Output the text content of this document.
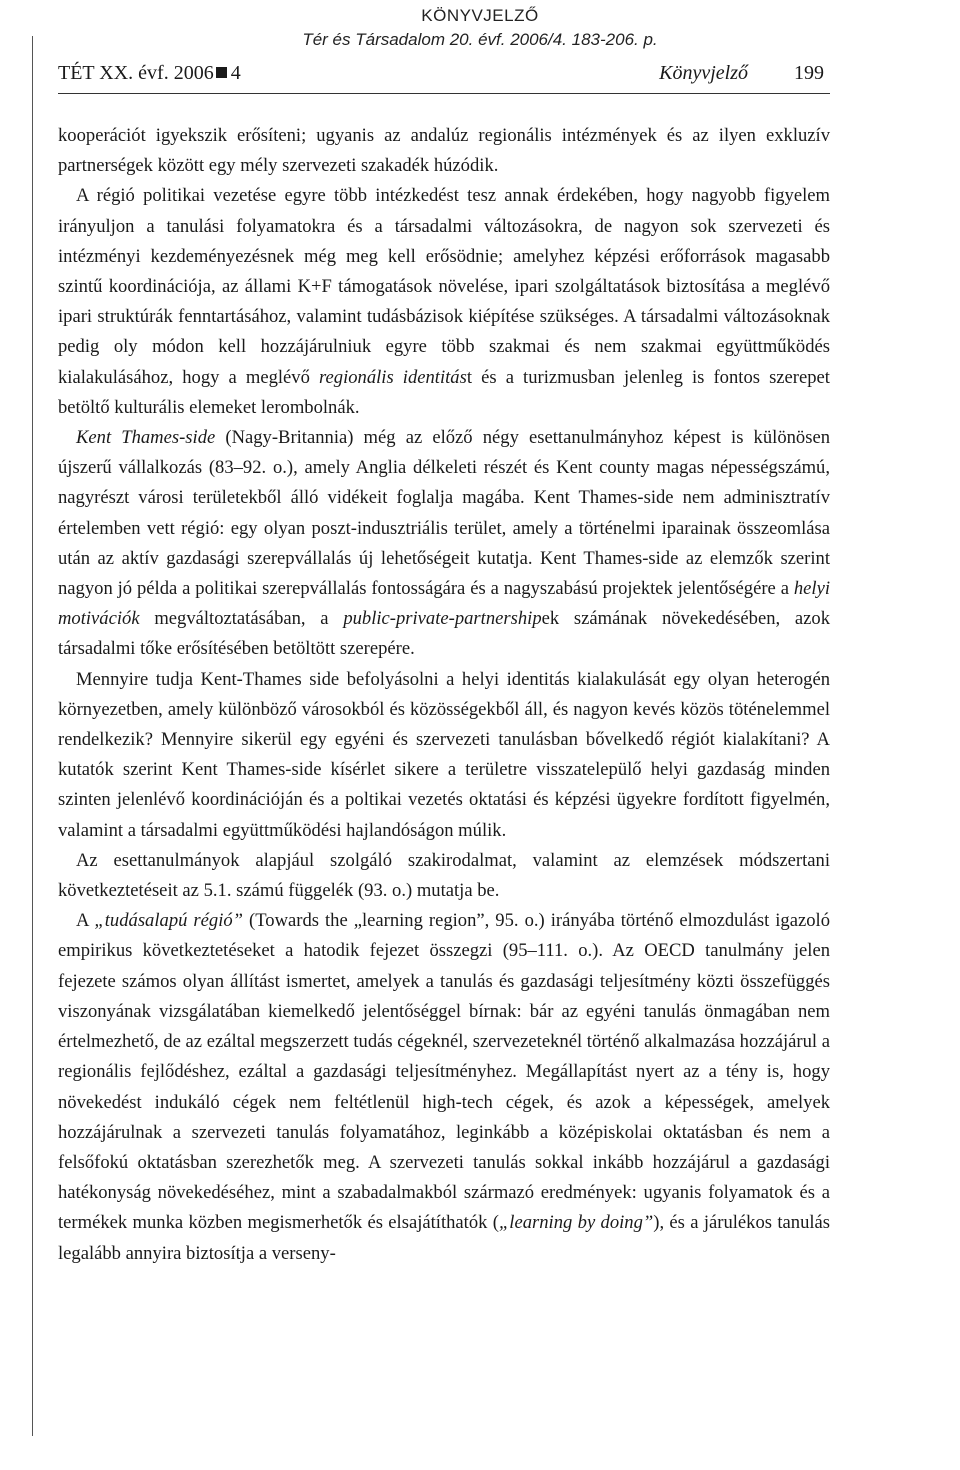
KÖNYVJELZŐ
Tér és Társadalom 20. évf. 2006/4. 183-206. p.
TÉT XX. évf. 2006 4	Könyvjelző 199

kooperációt igyekszik erősíteni; ugyanis az andalúz regionális intézmények és az ilyen exkluzív partnerségek között egy mély szervezeti szakadék húzódik.

A régió politikai vezetése egyre több intézkedést tesz annak érdekében, hogy nagyobb figyelem irányuljon a tanulási folyamatokra és a társadalmi változásokra, de nagyon sok szervezeti és intézményi kezdeményezésnek még meg kell erősödnie; amelyhez képzési erőforrások magasabb szintű koordinációja, az állami K+F támogatások növelése, ipari szolgáltatások biztosítása a meglévő ipari struktúrák fenntartásához, valamint tudásbázisok kiépítése szükséges. A társadalmi változásoknak pedig oly módon kell hozzájárulniuk egyre több szakmai és nem szakmai együttműködés kialakulásához, hogy a meglévő regionális identitást és a turizmusban jelenleg is fontos szerepet betöltő kulturális elemeket lerombolnák.

Kent Thames-side (Nagy-Britannia) még az előző négy esettanulmányhoz képest is különösen újszerű vállalkozás (83–92. o.), amely Anglia délkeleti részét és Kent county magas népességszámú, nagyrészt városi területekből álló vidékeit foglalja magába. Kent Thames-side nem adminisztratív értelemben vett régió: egy olyan poszt-indusztriális terület, amely a történelmi iparainak összeomlása után az aktív gazdasági szerepvállalás új lehetőségeit kutatja. Kent Thames-side az elemzők szerint nagyon jó példa a politikai szerepvállalás fontosságára és a nagyszabású projektek jelentőségére a helyi motivációk megváltoztatásában, a public-private-partnershipek számának növekedésében, azok társadalmi tőke erősítésében betöltött szerepére.

Mennyire tudja Kent-Thames side befolyásolni a helyi identitás kialakulását egy olyan heterogén környezetben, amely különböző városokból és közösségekből áll, és nagyon kevés közös töténelemmel rendelkezik? Mennyire sikerül egy egyéni és szervezeti tanulásban bővelkedő régiót kialakítani? A kutatók szerint Kent Thames-side kísérlet sikere a területre visszatelepülő helyi gazdaság minden szinten jelenlévő koordinációján és a poltikai vezetés oktatási és képzési ügyekre fordított figyelmén, valamint a társadalmi együttműködési hajlandóságon múlik.

Az esettanulmányok alapjául szolgáló szakirodalmat, valamint az elemzések módszertani következtetéseit az 5.1. számú függelék (93. o.) mutatja be.

A „tudásalapú régió” (Towards the „learning region”, 95. o.) irányába történő elmozdulást igazoló empirikus következtetéseket a hatodik fejezet összegzi (95–111. o.). Az OECD tanulmány jelen fejezete számos olyan állítást ismertet, amelyek a tanulás és gazdasági teljesítmény közti összefüggés viszonyának vizsgálatában kiemelkedő jelentőséggel bírnak: bár az egyéni tanulás önmagában nem értelmezhető, de az ezáltal megszerzett tudás cégeknél, szervezeteknél történő alkalmazása hozzájárul a regionális fejlődéshez, ezáltal a gazdasági teljesítményhez. Megállapítást nyert az a tény is, hogy növekedést indukáló cégek nem feltétlenül high-tech cégek, és azok a képességek, amelyek hozzájárulnak a szervezeti tanulás folyamatához, leginkább a középiskolai oktatásban és nem a felsőfokú oktatásban szerezhetők meg. A szervezeti tanulás sokkal inkább hozzájárul a gazdasági hatékonyság növekedéséhez, mint a szabadalmakból származó eredmények: ugyanis folyamatok és a termékek munka közben megismerhetők és elsajátíthatók („learning by doing”), és a járulékos tanulás legalább annyira biztosítja a verseny-
